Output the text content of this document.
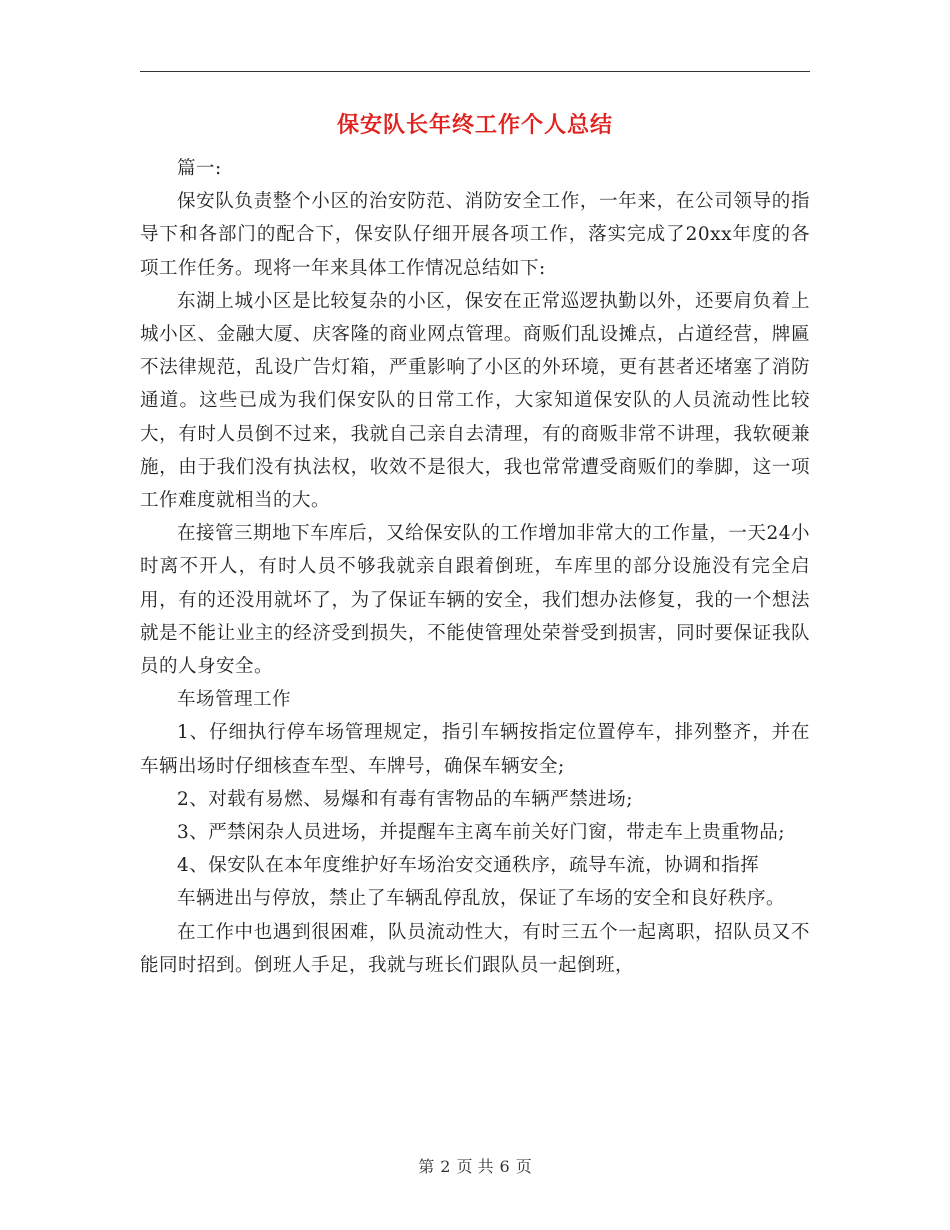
保安队长年终工作个人总结

篇一:

保安队负责整个小区的治安防范、消防安全工作，一年来，在公司领导的指导下和各部门的配合下，保安队仔细开展各项工作，落实完成了20xx年度的各项工作任务。现将一年来具体工作情况总结如下:

东湖上城小区是比较复杂的小区，保安在正常巡逻执勤以外，还要肩负着上城小区、金融大厦、庆客隆的商业网点管理。商贩们乱设摊点，占道经营，牌匾不法律规范，乱设广告灯箱，严重影响了小区的外环境，更有甚者还堵塞了消防通道。这些已成为我们保安队的日常工作，大家知道保安队的人员流动性比较大，有时人员倒不过来，我就自己亲自去清理，有的商贩非常不讲理，我软硬兼施，由于我们没有执法权，收效不是很大，我也常常遭受商贩们的拳脚，这一项工作难度就相当的大。

在接管三期地下车库后，又给保安队的工作增加非常大的工作量，一天24小时离不开人，有时人员不够我就亲自跟着倒班，车库里的部分设施没有完全启用，有的还没用就坏了，为了保证车辆的安全，我们想办法修复，我的一个想法就是不能让业主的经济受到损失，不能使管理处荣誉受到损害，同时要保证我队员的人身安全。

车场管理工作

1、仔细执行停车场管理规定，指引车辆按指定位置停车，排列整齐，并在车辆出场时仔细核查车型、车牌号，确保车辆安全;

2、对载有易燃、易爆和有毒有害物品的车辆严禁进场;

3、严禁闲杂人员进场，并提醒车主离车前关好门窗，带走车上贵重物品;

4、保安队在本年度维护好车场治安交通秩序，疏导车流，协调和指挥

车辆进出与停放，禁止了车辆乱停乱放，保证了车场的安全和良好秩序。

在工作中也遇到很困难，队员流动性大，有时三五个一起离职，招队员又不能同时招到。倒班人手足，我就与班长们跟队员一起倒班，

第 2 页 共 6 页
